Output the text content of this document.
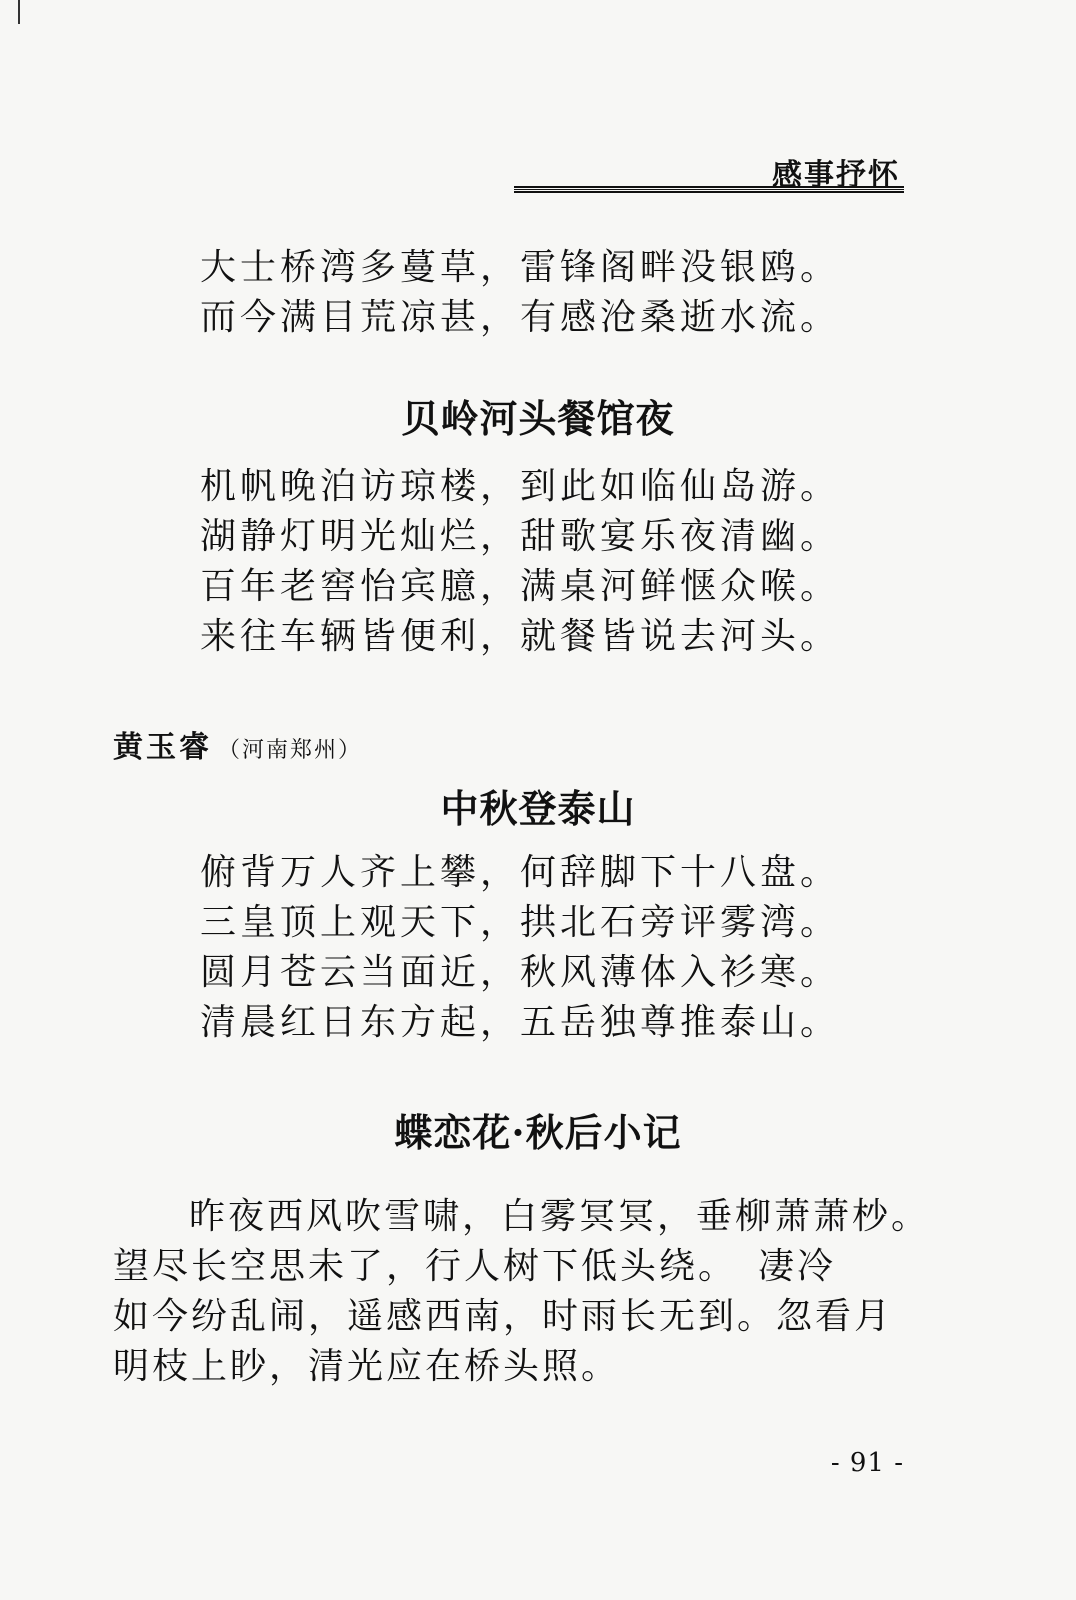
感事抒怀
大士桥湾多蔓草，雷锋阁畔没银鸥。
而今满目荒凉甚，有感沧桑逝水流。
贝岭河头餐馆夜
机帆晚泊访琼楼，到此如临仙岛游。
湖静灯明光灿烂，甜歌宴乐夜清幽。
百年老窖怡宾臆，满桌河鲜惬众喉。
来往车辆皆便利，就餐皆说去河头。
黄玉睿 （河南郑州）
中秋登泰山
俯背万人齐上攀，何辞脚下十八盘。
三皇顶上观天下，拱北石旁评雾湾。
圆月苍云当面近，秋风薄体入衫寒。
清晨红日东方起，五岳独尊推泰山。
蝶恋花·秋后小记
昨夜西风吹雪啸，白雾冥冥，垂柳萧萧杪。
望尽长空思未了，行人树下低头绕。　凄冷
如今纷乱闹，遥感西南，时雨长无到。忽看月
明枝上眇，清光应在桥头照。
- 91 -
